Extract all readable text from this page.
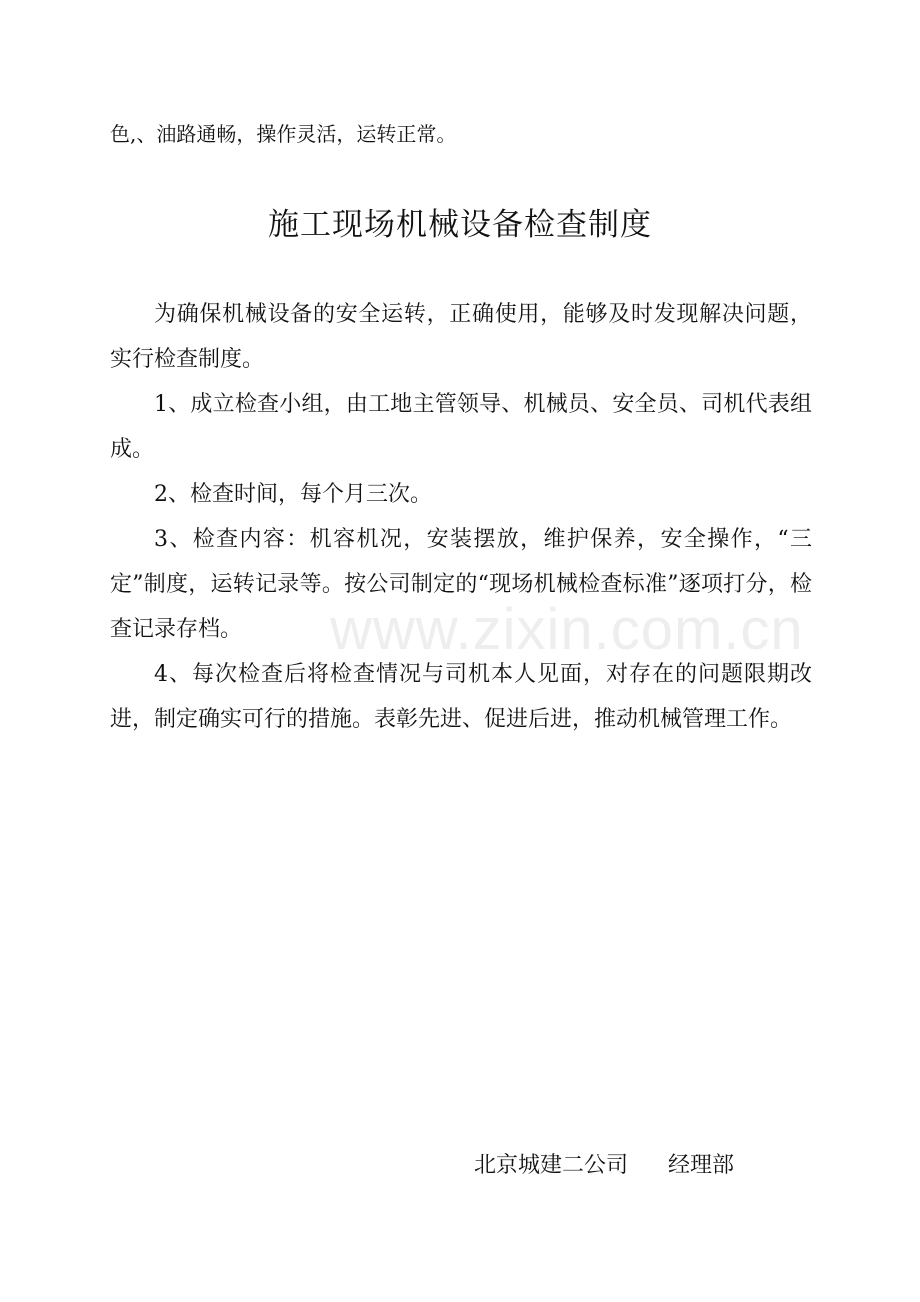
色,、油路通畅，操作灵活，运转正常。
施工现场机械设备检查制度

为确保机械设备的安全运转，正确使用，能够及时发现解决问题，实行检查制度。

1、成立检查小组，由工地主管领导、机械员、安全员、司机代表组成。

2、检查时间，每个月三次。

3、检查内容：机容机况，安装摆放，维护保养，安全操作，“三定”制度，运转记录等。按公司制定的“现场机械检查标准”逐项打分，检查记录存档。

4、每次检查后将检查情况与司机本人见面，对存在的问题限期改进，制定确实可行的措施。表彰先进、促进后进，推动机械管理工作。

www.zixin.com.cn
北京城建二公司 经理部
